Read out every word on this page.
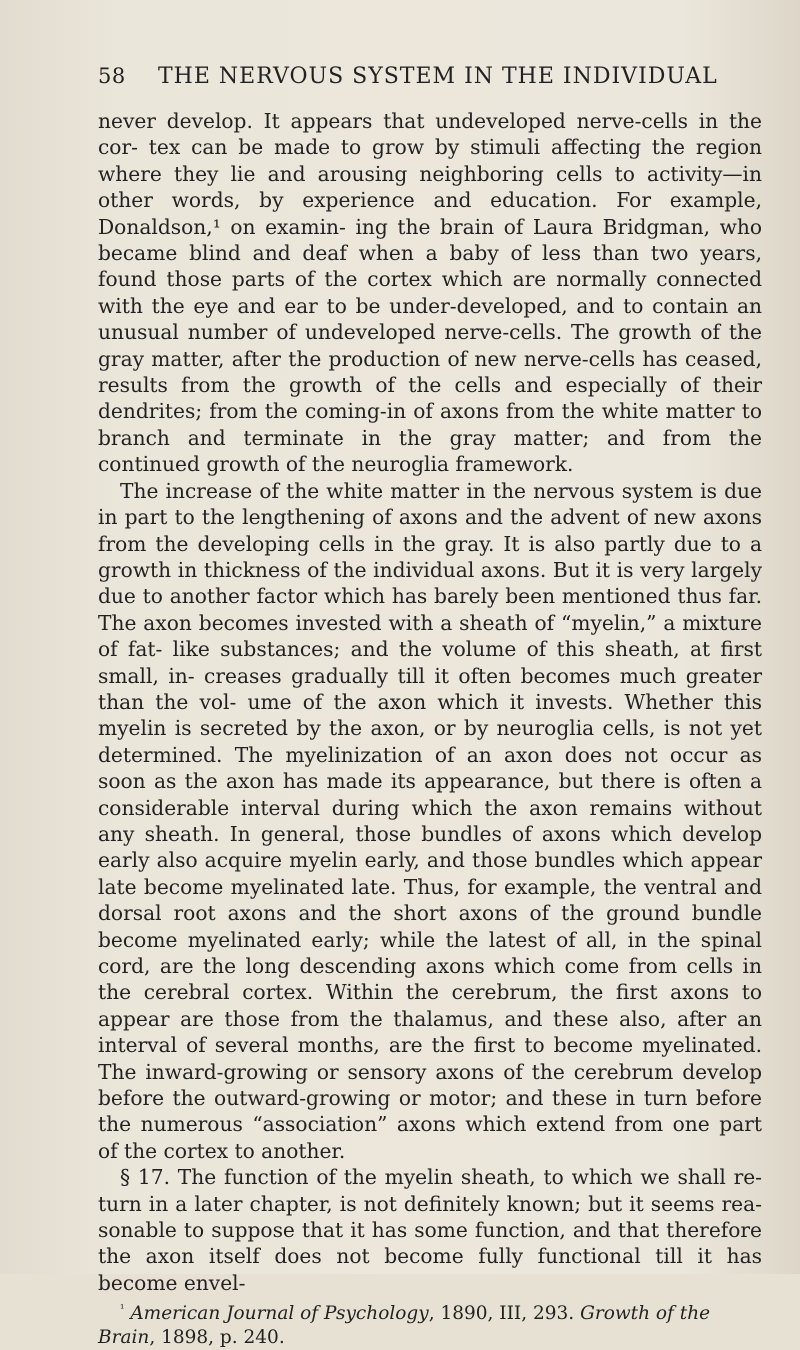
58	THE NERVOUS SYSTEM IN THE INDIVIDUAL

never develop. It appears that undeveloped nerve-cells in the cor- tex can be made to grow by stimuli affecting the region where they lie and arousing neighboring cells to activity—in other words, by experience and education. For example, Donaldson,¹ on examin- ing the brain of Laura Bridgman, who became blind and deaf when a baby of less than two years, found those parts of the cortex which are normally connected with the eye and ear to be under-developed, and to contain an unusual number of undeveloped nerve-cells. The growth of the gray matter, after the production of new nerve-cells has ceased, results from the growth of the cells and especially of their dendrites; from the coming-in of axons from the white matter to branch and terminate in the gray matter; and from the continued growth of the neuroglia framework.

The increase of the white matter in the nervous system is due in part to the lengthening of axons and the advent of new axons from the developing cells in the gray. It is also partly due to a growth in thickness of the individual axons. But it is very largely due to another factor which has barely been mentioned thus far. The axon becomes invested with a sheath of “myelin,” a mixture of fat- like substances; and the volume of this sheath, at first small, in- creases gradually till it often becomes much greater than the vol- ume of the axon which it invests. Whether this myelin is secreted by the axon, or by neuroglia cells, is not yet determined. The myelinization of an axon does not occur as soon as the axon has made its appearance, but there is often a considerable interval during which the axon remains without any sheath. In general, those bundles of axons which develop early also acquire myelin early, and those bundles which appear late become myelinated late. Thus, for example, the ventral and dorsal root axons and the short axons of the ground bundle become myelinated early; while the latest of all, in the spinal cord, are the long descending axons which come from cells in the cerebral cortex. Within the cerebrum, the first axons to appear are those from the thalamus, and these also, after an interval of several months, are the first to become myelinated. The inward-growing or sensory axons of the cerebrum develop before the outward-growing or motor; and these in turn before the numerous “association” axons which extend from one part of the cortex to another.

§ 17. The function of the myelin sheath, to which we shall re- turn in a later chapter, is not definitely known; but it seems rea- sonable to suppose that it has some function, and that therefore the axon itself does not become fully functional till it has become envel-

$^{^1}$ American Journal of Psychology, 1890, III, 293. Growth of the Brain, 1898, p. 240.
